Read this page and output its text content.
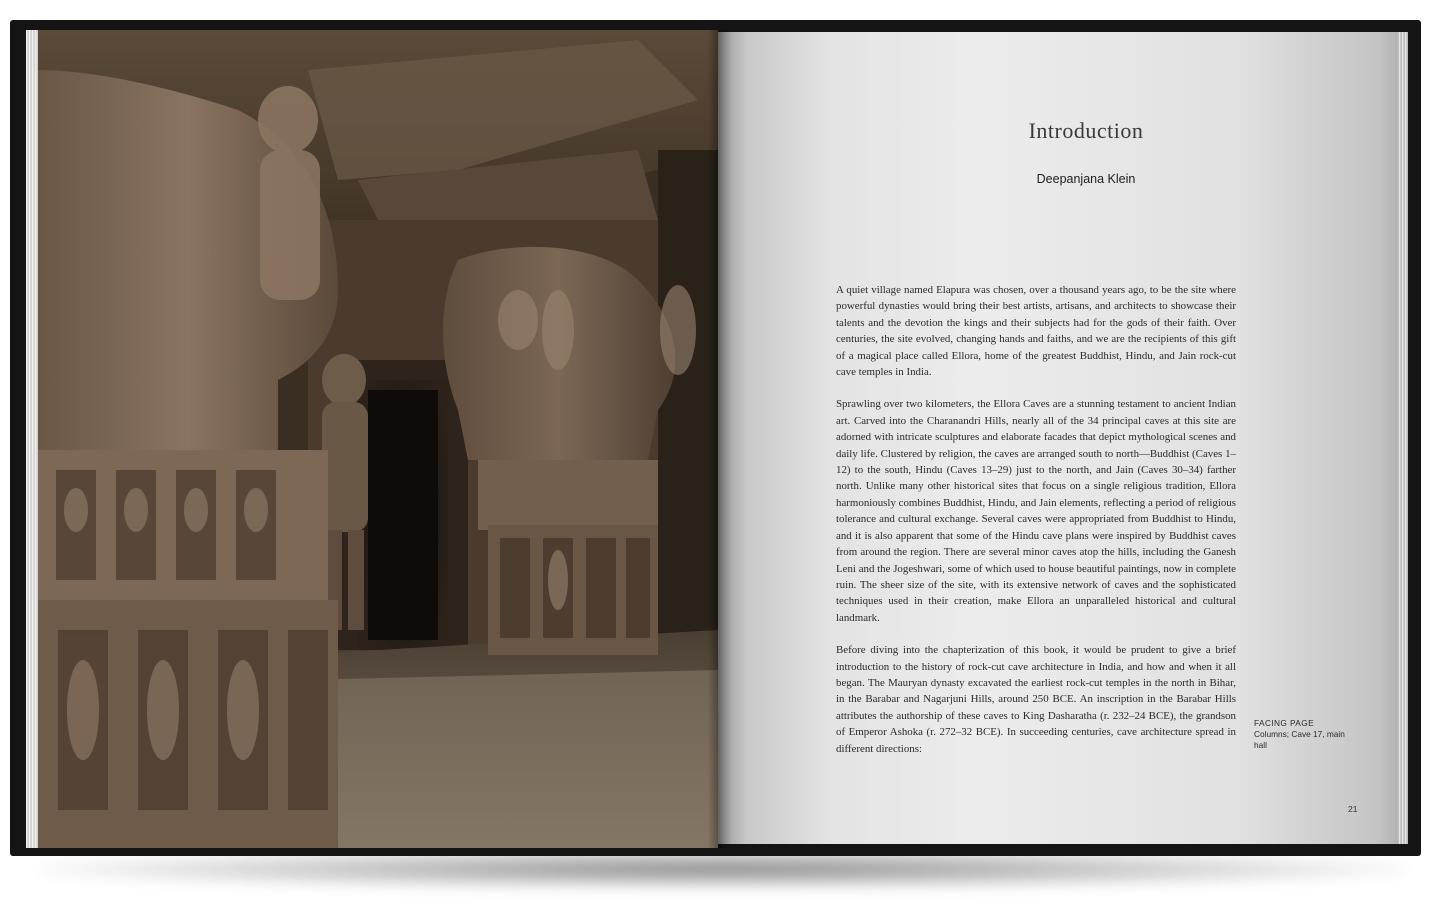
Introduction
Deepanjana Klein

A quiet village named Elapura was chosen, over a thousand years ago, to be the site where powerful dynasties would bring their best artists, artisans, and architects to showcase their talents and the devotion the kings and their subjects had for the gods of their faith. Over centuries, the site evolved, changing hands and faiths, and we are the recipients of this gift of a magical place called Ellora, home of the greatest Buddhist, Hindu, and Jain rock-cut cave temples in India.

Sprawling over two kilometers, the Ellora Caves are a stunning testament to ancient Indian art. Carved into the Charanandri Hills, nearly all of the 34 principal caves at this site are adorned with intricate sculptures and elaborate facades that depict mythological scenes and daily life. Clustered by religion, the caves are arranged south to north—Buddhist (Caves 1–12) to the south, Hindu (Caves 13–29) just to the north, and Jain (Caves 30–34) farther north. Unlike many other historical sites that focus on a single religious tradition, Ellora harmoniously combines Buddhist, Hindu, and Jain elements, reflecting a period of religious tolerance and cultural exchange. Several caves were appropriated from Buddhist to Hindu, and it is also apparent that some of the Hindu cave plans were inspired by Buddhist caves from around the region. There are several minor caves atop the hills, including the Ganesh Leni and the Jogeshwari, some of which used to house beautiful paintings, now in complete ruin. The sheer size of the site, with its extensive network of caves and the sophisticated techniques used in their creation, make Ellora an unparalleled historical and cultural landmark.

Before diving into the chapterization of this book, it would be prudent to give a brief introduction to the history of rock-cut cave architecture in India, and how and when it all began. The Mauryan dynasty excavated the earliest rock-cut temples in the north in Bihar, in the Barabar and Nagarjuni Hills, around 250 BCE. An inscription in the Barabar Hills attributes the authorship of these caves to King Dasharatha (r. 232–24 BCE), the grandson of Emperor Ashoka (r. 272–32 BCE). In succeeding centuries, cave architecture spread in different directions:

FACING PAGE
Columns; Cave 17, main hall
21
